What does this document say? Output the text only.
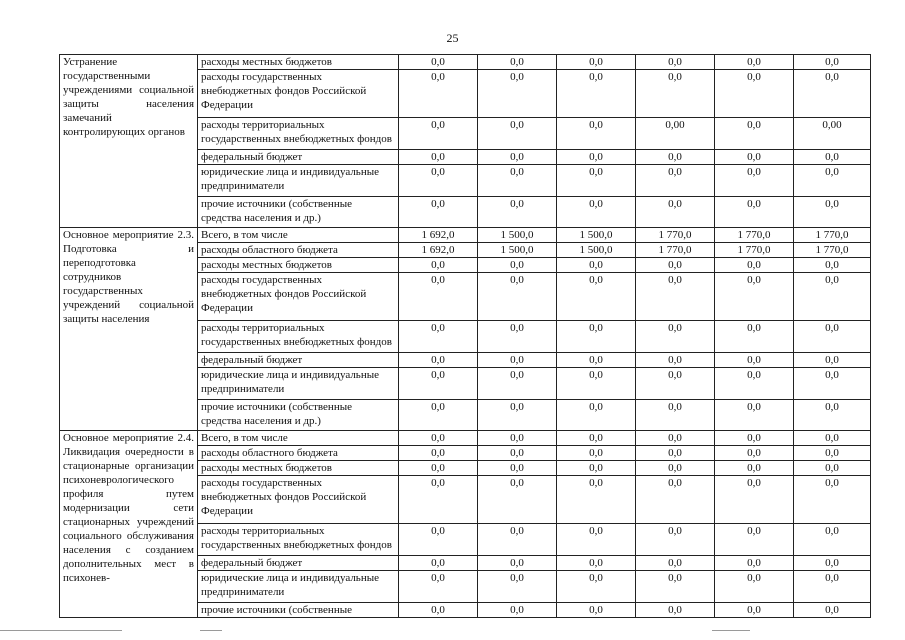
25
Устранение государственными учреждениями социальной защиты населения замечаний контролирующих органов	расходы местных бюджетов	0,0	0,0	0,0	0,0	0,0	0,0
	расходы государственных внебюджетных фондов Российской Федерации	0,0	0,0	0,0	0,0	0,0	0,0
	расходы территориальных государственных внебюджетных фондов	0,0	0,0	0,0	0,00	0,0	0,00
	федеральный бюджет	0,0	0,0	0,0	0,0	0,0	0,0
	юридические лица и индивидуальные предприниматели	0,0	0,0	0,0	0,0	0,0	0,0
	прочие источники (собственные средства населения и др.)	0,0	0,0	0,0	0,0	0,0	0,0
Основное мероприятие 2.3. Подготовка и переподготовка сотрудников государственных учреждений социальной защиты населения	Всего, в том числе	1 692,0	1 500,0	1 500,0	1 770,0	1 770,0	1 770,0
	расходы областного бюджета	1 692,0	1 500,0	1 500,0	1 770,0	1 770,0	1 770,0
	расходы местных бюджетов	0,0	0,0	0,0	0,0	0,0	0,0
	расходы государственных внебюджетных фондов Российской Федерации	0,0	0,0	0,0	0,0	0,0	0,0
	расходы территориальных государственных внебюджетных фондов	0,0	0,0	0,0	0,0	0,0	0,0
	федеральный бюджет	0,0	0,0	0,0	0,0	0,0	0,0
	юридические лица и индивидуальные предприниматели	0,0	0,0	0,0	0,0	0,0	0,0
	прочие источники (собственные средства населения и др.)	0,0	0,0	0,0	0,0	0,0	0,0
Основное мероприятие 2.4. Ликвидация очередности в стационарные организации психоневрологического профиля путем модернизации сети стационарных учреждений социального обслуживания населения с созданием дополнительных мест в психонев-	Всего, в том числе	0,0	0,0	0,0	0,0	0,0	0,0
	расходы областного бюджета	0,0	0,0	0,0	0,0	0,0	0,0
	расходы местных бюджетов	0,0	0,0	0,0	0,0	0,0	0,0
	расходы государственных внебюджетных фондов Российской Федерации	0,0	0,0	0,0	0,0	0,0	0,0
	расходы территориальных государственных внебюджетных фондов	0,0	0,0	0,0	0,0	0,0	0,0
	федеральный бюджет	0,0	0,0	0,0	0,0	0,0	0,0
	юридические лица и индивидуальные предприниматели	0,0	0,0	0,0	0,0	0,0	0,0
	прочие источники (собственные	0,0	0,0	0,0	0,0	0,0	0,0
